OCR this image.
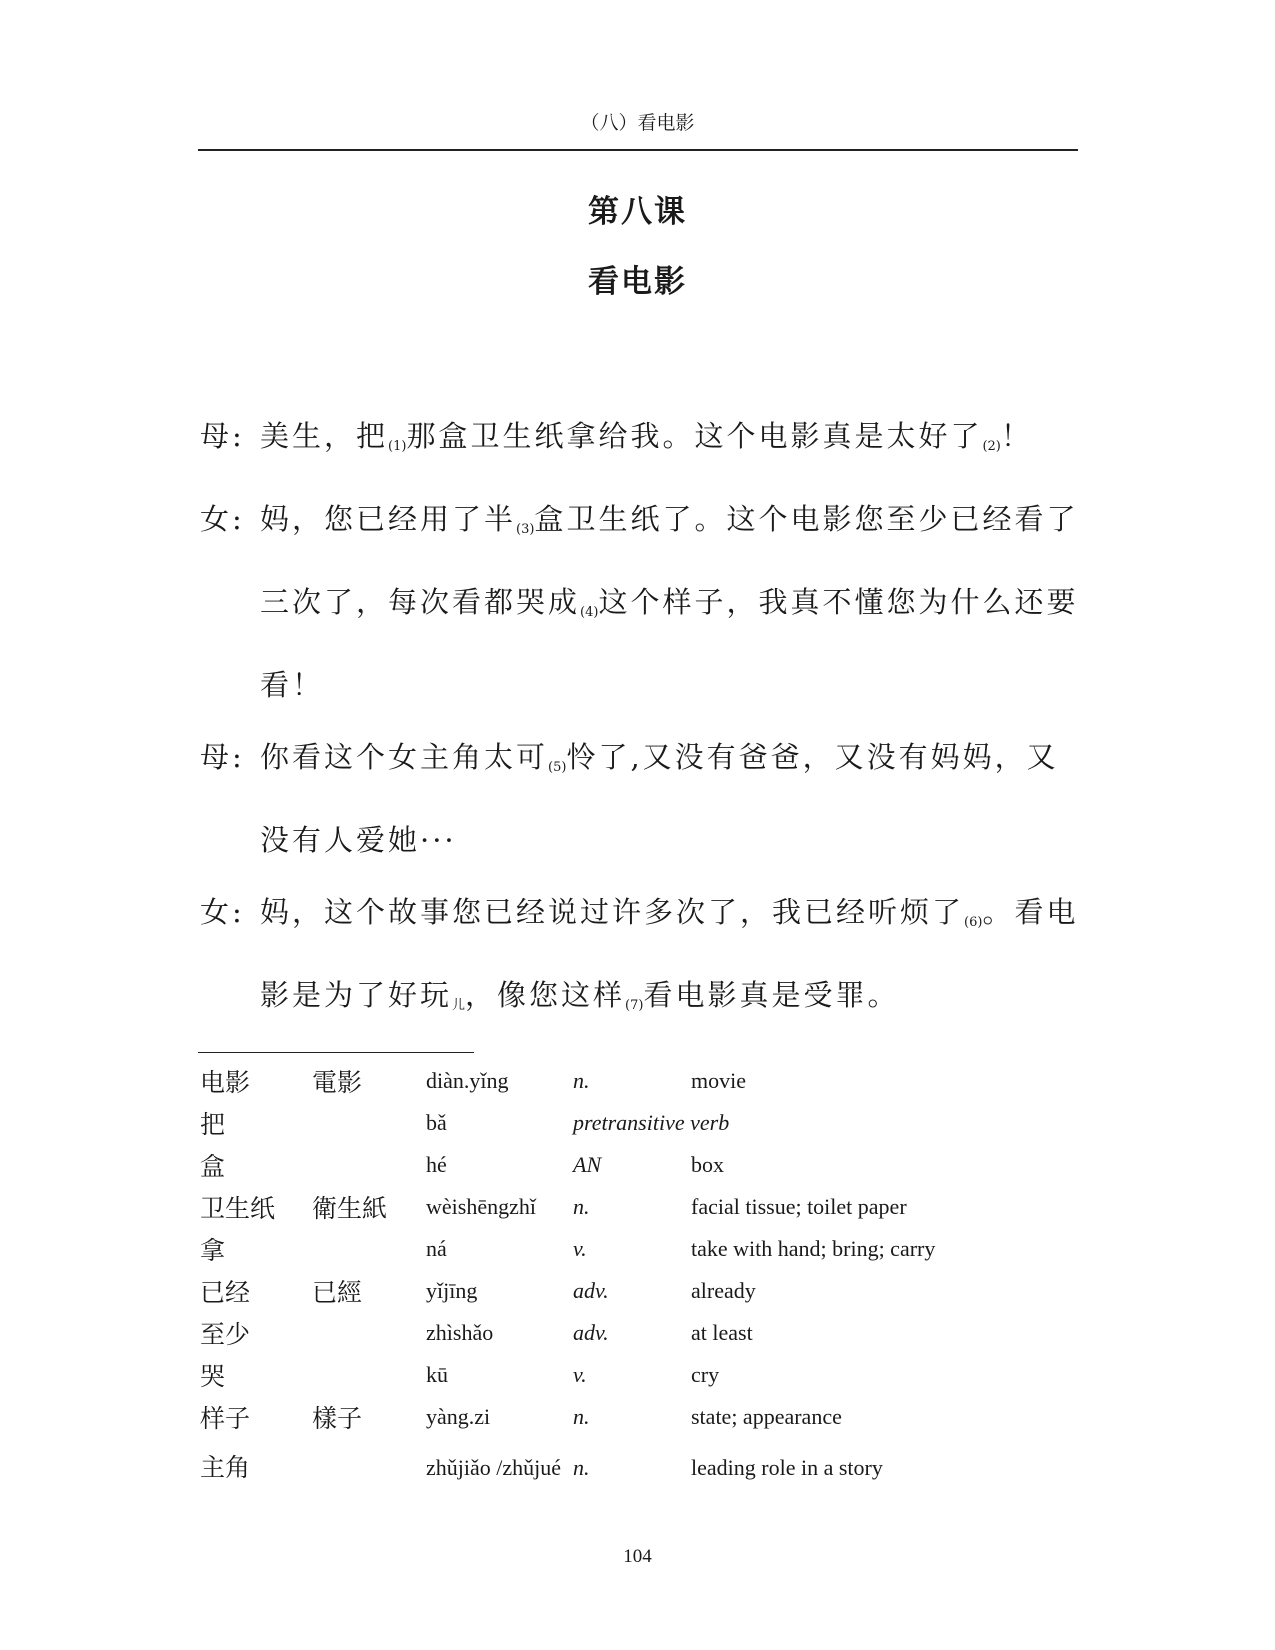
（八）看电影
第八课
看电影
母: 美生，把$_{(1)}$那盒卫生纸拿给我。这个电影真是太好了$_{(2)}$！
女: 妈，您已经用了半$_{(3)}$盒卫生纸了。这个电影您至少已经看了三次了，每次看都哭成$_{(4)}$这个样子，我真不懂您为什么还要看！
母: 你看这个女主角太可$_{(5)}$怜了,又没有爸爸，又没有妈妈，又没有人爱她···
女: 妈，这个故事您已经说过许多次了，我已经听烦了$_{(6)}$。看电影是为了好玩$_儿$，像您这样$_{(7)}$看电影真是受罪。
电影	電影	diàn.yǐng	n.	movie
把		bǎ	pretransitive verb	
盒		hé	AN	box
卫生纸	衛生紙	wèishēngzhǐ	n.	facial tissue; toilet paper
拿		ná	v.	take with hand; bring; carry
已经	已經	yǐjīng	adv.	already
至少		zhìshǎo	adv.	at least
哭		kū	v.	cry
样子	樣子	yàng.zi	n.	state; appearance
主角		zhǔjiǎo /zhǔjué	n.	leading role in a story
104
